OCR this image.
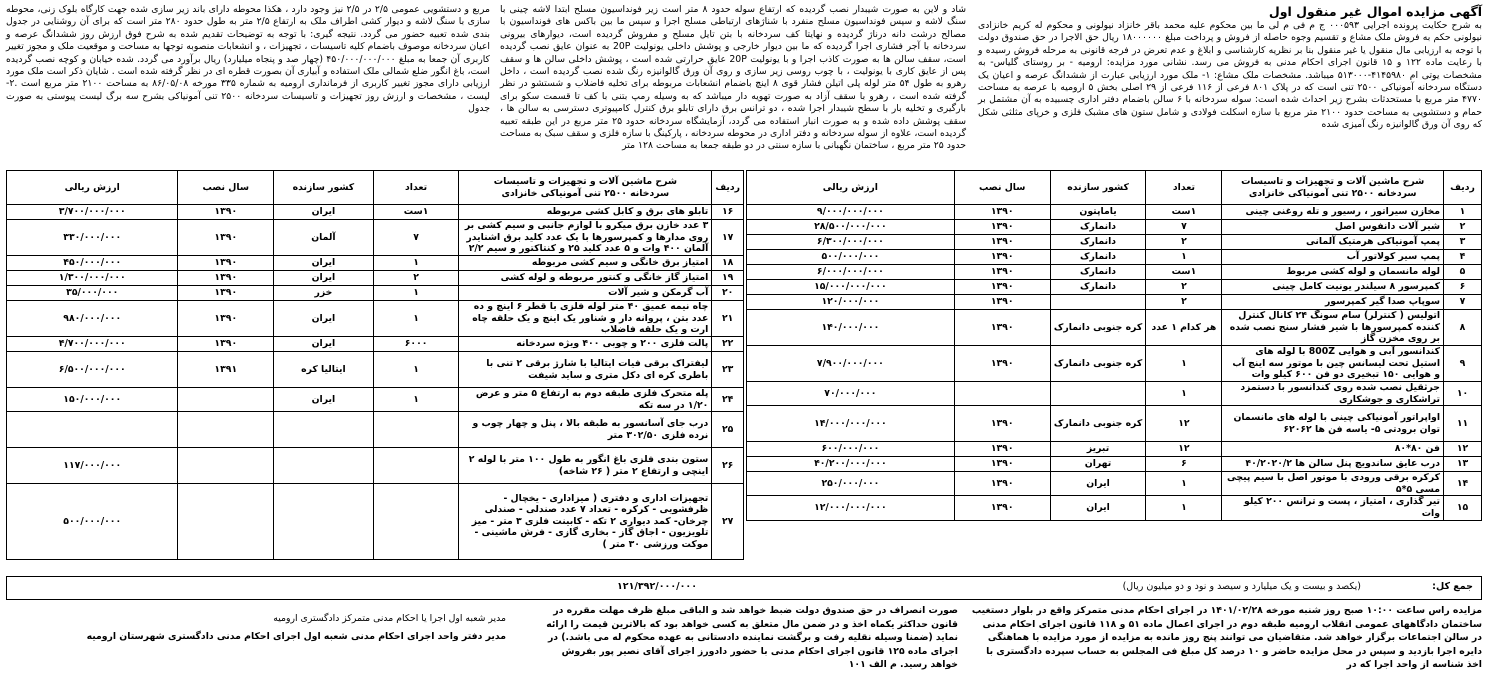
آگهی مزایده اموال غیر منقول اول
به شرح حکایت پرونده اجرایی ۰۰۰۵۹۳ ج م فی م لی ما بین محکوم علیه محمد باقر خانزاد نیولونی و محکوم له کریم خانزادی نیولونی حکم به فروش ملک مشاع و تقسیم وجوه حاصله از فروش و پرداخت مبلغ ۱۸۰۰۰۰۰۰ ریال حق الاجرا در حق صندوق دولت با توجه به ارزیابی مال منقول یا غیر منقول بنا بر نظریه کارشناسی و ابلاغ و عدم تعرض در فرجه قانونی به مرحله فروش رسیده و با رعایت ماده ۱۲۲ و ۱۵ قانون اجرای احکام مدنی به فروش می رسد. نشانی مورد مزایده: ارومیه - بر روستای گلیاس- به مشخصات یوتی ام ۴۱۴۵۹۸۰-۵۱۳۰۰۰ میباشد. مشخصات ملک مشاع: ۱- ملک مورد ارزیابی عبارت از ششدانگ عرصه و اعیان یک دستگاه سردخانه آمونیاکی ۲۵۰۰ تنی است که در پلاک ۸۰۱ فرعی از ۱۱۶ فرعی از ۲۹ اصلی بخش ۵ ارومیه با عرصه به مساحت ۴۷۷۰ متر مربع با مستحدثات بشرح زیر احداث شده است: سوله سردخانه با ۶ سالن باضمام دفتر اداری چسبیده به آن مشتمل بر حمام و دستشویی به مساحت حدود ۲۱۰۰ متر مربع با سازه اسکلت فولادی و شامل ستون های مشبک فلزی و خرپای مثلثی شکل که روی آن ورق گالوانیزه رنگ آمیزی شده
شاد و لاین به صورت شیبدار نصب گردیده که ارتفاع سوله حدود ۸ متر است زیر فونداسیون مسلح ابتدا لاشه چینی با سنگ لاشه و سپس فونداسیون مسلح منفرد با شناژهای ارتباطی مسلح اجرا و سپس ما بین باکس های فونداسیون با مصالح درشت دانه درناژ گردیده و نهایتا کف سردخانه با بتن تایل مسلح و مفروش گردیده است، دیوارهای بیرونی سردخانه با آجر فشاری اجرا گردیده که ما بین دیوار خارجی و پوشش داخلی یونولیت 20P به عنوان عایق نصب گردیده است، سقف سالن ها به صورت کاذب اجرا و با یونولیت 20P عایق حرارتی شده است ، پوشش داخلی سالن ها و سقف پس از عایق کاری با یونولیت ، با چوب روسی زیر سازی و روی آن ورق گالوانیزه رنگ شده نصب گردیده است ، داخل رهرو به طول ۵۴ متر لوله پلی اتیلن فشار قوی ۸ اینچ باضمام انشعابات مربوطه برای تخلیه فاضلاب و شستشو در نظر گرفته شده است ، رهرو با سقف آزاد به صورت تهویه دار میباشد که به وسیله رمپ بتنی با کف تا قسمت سکو برای بارگیری و تخلیه بار با سطح شیبدار اجرا شده ، دو ترانس برق دارای تابلو برق کنترل کامپیوتری دسترسی به سالن ها ، سقف پوشش داده شده و به صورت انبار استفاده می گردد، آزمایشگاه سردخانه حدود ۲۵ متر مربع در این طبقه تعبیه گردیده است، علاوه از سوله سردخانه و دفتر اداری در محوطه سردخانه ، پارکینگ با سازه فلزی و سقف سبک به مساحت حدود ۲۵ متر مربع ، ساختمان نگهبانی با سازه سنتی در دو طبقه جمعا به مساحت ۱۲۸ متر
مربع و دستشویی عمومی ۲/۵ در ۲/۵ نیز وجود دارد ، هکذا محوطه دارای باند زیر سازی شده جهت کارگاه بلوک زنی، محوطه سازی با سنگ لاشه و دیوار کشی اطراف ملک به ارتفاع ۲/۵ متر به طول حدود ۲۸۰ متر است که برای آن روشنایی در جدول بندی شده تعبیه حضور می گردد. نتیجه گیری: با توجه به توضیحات تقدیم شده به شرح فوق ارزش روز ششدانگ عرصه و اعیان سردخانه موصوف باضمام کلیه تاسیسات ، تجهیزات ، و انشعابات منصوبه توجها به مساحت و موقعیت ملک و مجوز تغییر کاربری آن جمعا به مبلغ ۴۵۰/۰۰۰/۰۰۰/۰۰۰ (چهار صد و پنجاه میلیارد) ریال برآورد می گردد. شده خیابان و کوچه نصب گردیده است، باغ انگور ضلع شمالی ملک استفاده و آبیاری آن بصورت قطره ای در نظر گرفته شده است . شایان ذکر است ملک مورد ارزیابی دارای مجوز تغییر کاربری از فرمانداری ارومیه به شماره ۳۳۵ مورخه ۸۶/۰۵/۰۸ به مساحت ۲۱۰۰ متر مربع است .۲- لیست ، مشخصات و ارزش روز تجهیزات و تاسیسات سردخانه ۲۵۰۰ تنی آمونیاکی بشرح سه برگ لیست پیوستی به صورت جدول
ردیف	شرح ماشین آلات و تجهیزات و تاسیسات
سردخانه ۲۵۰۰ تنی آمونیاکی خانزادی	تعداد	کشور سازنده	سال نصب	ارزش ریالی
۱	مخازن سیراتور ، رسیور و تله روغنی چینی	۱ست	یاماپتون	۱۳۹۰	۹/۰۰۰/۰۰۰/۰۰۰
۲	شیر آلات دانفوس اصل	۷	دانمارک	۱۳۹۰	۲۸/۵۰۰/۰۰۰/۰۰۰
۳	پمپ آمونیاکی هرمتیک آلمانی	۲	دانمارک	۱۳۹۰	۶/۳۰۰/۰۰۰/۰۰۰
۴	پمپ سیر کولاتور آب	۱	دانمارک	۱۳۹۰	۵۰۰/۰۰۰/۰۰۰
۵	لوله مانسمان و لوله کشی مربوط	۱ست	دانمارک	۱۳۹۰	۶/۰۰۰/۰۰۰/۰۰۰
۶	کمپرسور ۸ سیلندر یونیت کامل چینی	۲	دانمارک	۱۳۹۰	۱۵/۰۰۰/۰۰۰/۰۰۰
۷	سوپاپ صدا گیر کمپرسور	۲		۱۳۹۰	۱۲۰/۰۰۰/۰۰۰
۸	اتولیس ( کنترلر) سام سونگ ۲۴ کانال کنترل کننده کمپرسورها با شیر فشار سنج نصب شده بر روی مخزن گاز	هر کدام ۱ عدد	کره جنوبی دانمارک	۱۳۹۰	۱۴۰/۰۰۰/۰۰۰
۹	کندانسور آبی و هوایی 800Z با لوله های استیل تحت لیسانس چین با موتور سه اینچ آب و هوایی ۱۵۰ تبخیری دو فن ۶۰۰ کیلو وات	۱	کره جنوبی دانمارک	۱۳۹۰	۷/۹۰۰/۰۰۰/۰۰۰
۱۰	جرثقیل نصب شده روی کندانسور با دستمزد تراشکاری و جوشکاری	۱			۷۰/۰۰۰/۰۰۰
۱۱	اواپراتور آمونیاکی چینی با لوله های مانسمان توان برودتی ۵- یاسه فن ها ۶۲۰۶۲	۱۲	کره جنوبی دانمارک	۱۳۹۰	۱۴/۰۰۰/۰۰۰/۰۰۰
۱۲	فن ۸۰*۸۰	۱۲	تبریز	۱۳۹۰	۶۰۰/۰۰۰/۰۰۰
۱۳	درب عایق ساندویچ پنل سالن ها ۴۰/۲۰۲۰/۲	۶	تهران	۱۳۹۰	۴۰/۲۰۰/۰۰۰/۰۰۰
۱۴	کرکره برقی ورودی با موتور اصل با سیم پیچی مسی ۵*۵	۱	ایران	۱۳۹۰	۲۵۰/۰۰۰/۰۰۰
۱۵	تیر گذاری ، امتیاز ، پست و ترانس ۲۰۰ کیلو وات	۱	ایران	۱۳۹۰	۱۲/۰۰۰/۰۰۰/۰۰۰
ردیف	شرح ماشین آلات و تجهیزات و تاسیسات
سردخانه ۲۵۰۰ تنی آمونیاکی خانزادی	تعداد	کشور سازنده	سال نصب	ارزش ریالی
۱۶	تابلو های برق و کابل کشی مربوطه	۱ست	ایران	۱۳۹۰	۳/۷۰۰/۰۰۰/۰۰۰
۱۷	۳ عدد خازن برق میکرو با لوازم جانبی و سیم کشی بر روی مدارها و کمپرسورها با یک عدد کلید برق اشنایدر آلمان ۴۰۰ وات و ۵ عدد کلید ۲۵ و کنتاکتور و سیم ۲/۲	۷	آلمان	۱۳۹۰	۳۳۰/۰۰۰/۰۰۰
۱۸	امتیاز برق خانگی و سیم کشی مربوطه	۱	ایران	۱۳۹۰	۴۵۰/۰۰۰/۰۰۰
۱۹	امتیاز گاز خانگی و کنتور مربوطه و لوله کشی	۲	ایران	۱۳۹۰	۱/۳۰۰/۰۰۰/۰۰۰
۲۰	آب گرمکن و شیر آلات	۱	خزر	۱۳۹۰	۳۵/۰۰۰/۰۰۰
۲۱	چاه نیمه عمیق ۴۰ متر لوله فلزی با قطر ۶ اینچ و ده عدد بتن ، پروانه دار و شناور یک اینچ و یک حلقه چاه ارت و یک حلقه فاضلاب	۱	ایران	۱۳۹۰	۹۸۰/۰۰۰/۰۰۰
۲۲	پالت فلزی ۲۰۰ و چوبی ۴۰۰ ویژه سردخانه	۶۰۰۰	ایران	۱۳۹۰	۴/۷۰۰/۰۰۰/۰۰۰
۲۳	لیفتراک برقی فیات ایتالیا با شارژ برقی ۲ تنی با باطری کره ای دکل متری و ساید شیفت	۱	ایتالیا کره	۱۳۹۱	۶/۵۰۰/۰۰۰/۰۰۰
۲۴	پله متحرک فلزی طبقه دوم به ارتفاع ۵ متر و عرض ۱/۲۰ در سه تکه	۱	ایران		۱۵۰/۰۰۰/۰۰۰
۲۵	درب جای آسانسور به طبقه بالا ، پنل و چهار چوب و نرده فلزی ۳۰۲/۵۰ متر				
۲۶	ستون بندی فلزی باغ انگور به طول ۱۰۰ متر با لوله ۲ اینچی و ارتفاع ۲ متر ( ۲۶ شاخه)				۱۱۷/۰۰۰/۰۰۰
۲۷	تجهیزات اداری و دفتری ( میزاداری - یخچال - ظرفشویی - کرکره - تعداد ۷ عدد صندلی - صندلی چرخان- کمد دیواری ۲ تکه - کابینت فلزی ۳ متر - میز تلویزیون - اجاق گاز - بخاری گازی - فرش ماشینی - موکت ورزشی ۳۰ متر )				۵۰۰/۰۰۰/۰۰۰
جمع کل:
(یکصد و بیست و یک میلیارد و سیصد و نود و دو میلیون ریال)
۱۲۱/۳۹۲/۰۰۰/۰۰۰
مزایده راس ساعت ۱۰:۰۰ صبح روز شنبه مورخه ۱۴۰۱/۰۲/۲۸ در اجرای احکام مدنی متمرکز واقع در بلوار دستغیب ساختمان دادگاههای عمومی انقلاب ارومیه طبقه دوم در اجرای اعمال ماده ۵۱ و ۱۱۸ قانون اجرای احکام مدنی در سالن اجتماعات برگزار خواهد شد. متقاضیان می توانند پنج روز مانده به مزایده از مورد مزایده با هماهنگی دایره اجرا بازدید و سپس در محل مزایده حاضر و ۱۰ درصد کل مبلغ فی المجلس به حساب سپرده دادگستری با اخذ شناسه از واحد اجرا که در
صورت انصراف در حق صندوق دولت ضبط خواهد شد و الباقی مبلغ ظرف مهلت مقرره در قانون حداکثر یکماه اخذ و در ضمن مال متعلق به کسی خواهد بود که بالاترین قیمت را ارائه نماید (ضمنا وسیله نقلیه رفت و برگشت نماینده دادستانی به عهده محکوم له می باشد.) در اجرای ماده ۱۲۵ قانون اجرای احکام مدنی با حضور دادورز اجرای آقای نصیر پور بفروش خواهد رسید. م الف ۱۰۱
مدیر شعبه اول اجرا یا احکام مدنی متمرکز دادگستری ارومیه
مدیر دفتر واحد اجرای احکام مدنی شعبه اول اجرای احکام مدنی دادگستری شهرستان ارومیه
